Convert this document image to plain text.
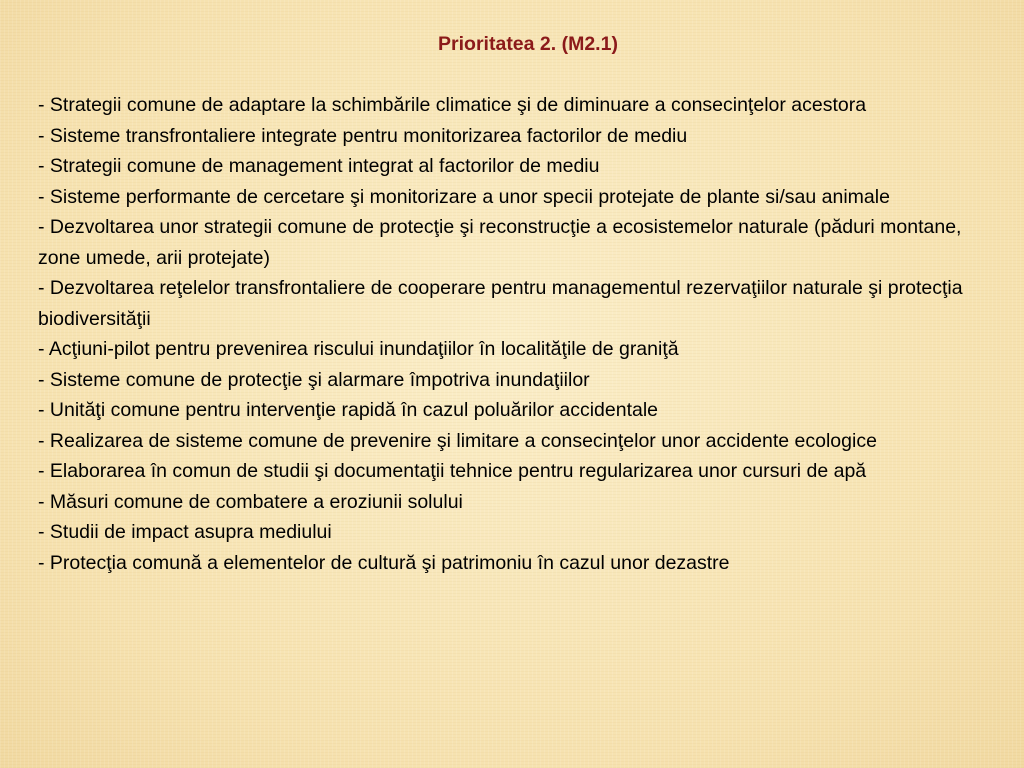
Prioritatea 2. (M2.1)
- Strategii comune de adaptare la schimbările climatice şi de diminuare a consecinţelor acestora
- Sisteme transfrontaliere integrate pentru monitorizarea factorilor de mediu
- Strategii comune de management integrat al factorilor de mediu
- Sisteme performante de cercetare şi monitorizare a unor specii protejate de plante si/sau animale
- Dezvoltarea unor strategii comune de protecţie şi reconstrucţie a ecosistemelor naturale (păduri montane, zone umede, arii protejate)
- Dezvoltarea reţelelor transfrontaliere de cooperare pentru managementul rezervaţiilor naturale şi protecţia biodiversităţii
- Acţiuni-pilot pentru prevenirea riscului inundaţiilor în localităţile de graniţă
- Sisteme comune de protecţie şi alarmare împotriva inundaţiilor
- Unităţi comune pentru intervenţie rapidă în cazul poluărilor accidentale
- Realizarea de sisteme comune de prevenire şi limitare a consecinţelor unor accidente ecologice
- Elaborarea în comun de studii şi documentaţii tehnice pentru regularizarea unor cursuri de apă
- Măsuri comune de combatere a eroziunii solului
- Studii de impact asupra mediului
- Protecţia comună a elementelor de cultură şi patrimoniu în cazul unor dezastre
